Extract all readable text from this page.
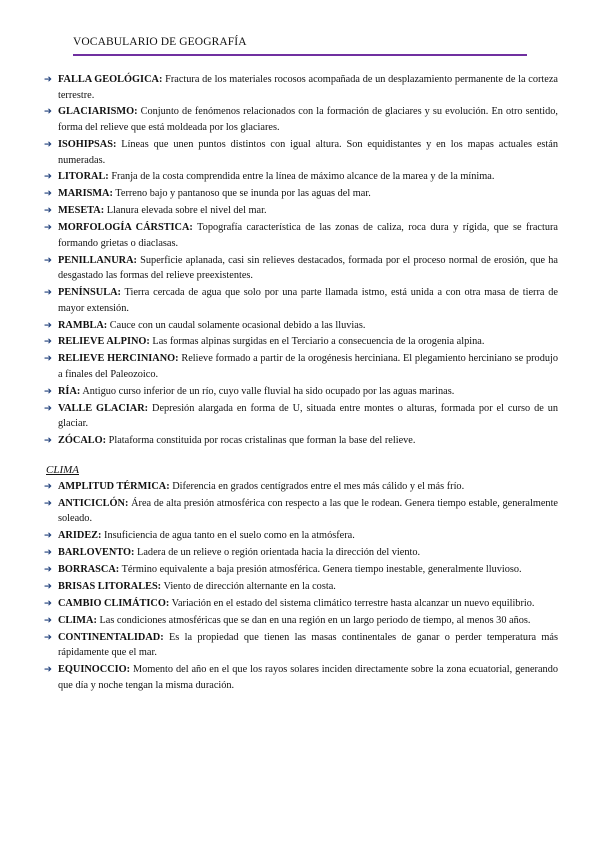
VOCABULARIO DE GEOGRAFÍA
➔ FALLA GEOLÓGICA: Fractura de los materiales rocosos acompañada de un desplazamiento permanente de la corteza terrestre.
➔ GLACIARISMO: Conjunto de fenómenos relacionados con la formación de glaciares y su evolución. En otro sentido, forma del relieve que está moldeada por los glaciares.
➔ ISOHIPSAS: Líneas que unen puntos distintos con igual altura. Son equidistantes y en los mapas actuales están numeradas.
➔ LITORAL: Franja de la costa comprendida entre la línea de máximo alcance de la marea y de la mínima.
➔ MARISMA: Terreno bajo y pantanoso que se inunda por las aguas del mar.
➔ MESETA: Llanura elevada sobre el nivel del mar.
➔ MORFOLOGÍA CÁRSTICA: Topografía característica de las zonas de caliza, roca dura y rígida, que se fractura formando grietas o diaclasas.
➔ PENILLANURA: Superficie aplanada, casi sin relieves destacados, formada por el proceso normal de erosión, que ha desgastado las formas del relieve preexistentes.
➔ PENÍNSULA: Tierra cercada de agua que solo por una parte llamada istmo, está unida a con otra masa de tierra de mayor extensión.
➔ RAMBLA: Cauce con un caudal solamente ocasional debido a las lluvias.
➔ RELIEVE ALPINO: Las formas alpinas surgidas en el Terciario a consecuencia de la orogenia alpina.
➔ RELIEVE HERCINIANO: Relieve formado a partir de la orogénesis herciniana. El plegamiento herciniano se produjo a finales del Paleozoico.
➔ RÍA: Antiguo curso inferior de un río, cuyo valle fluvial ha sido ocupado por las aguas marinas.
➔ VALLE GLACIAR: Depresión alargada en forma de U, situada entre montes o alturas, formada por el curso de un glaciar.
➔ ZÓCALO: Plataforma constituida por rocas cristalinas que forman la base del relieve.
CLIMA
➔ AMPLITUD TÉRMICA: Diferencia en grados centígrados entre el mes más cálido y el más frío.
➔ ANTICICLÓN: Área de alta presión atmosférica con respecto a las que le rodean. Genera tiempo estable, generalmente soleado.
➔ ARIDEZ: Insuficiencia de agua tanto en el suelo como en la atmósfera.
➔ BARLOVENTO: Ladera de un relieve o región orientada hacia la dirección del viento.
➔ BORRASCA: Término equivalente a baja presión atmosférica. Genera tiempo inestable, generalmente lluvioso.
➔ BRISAS LITORALES: Viento de dirección alternante en la costa.
➔ CAMBIO CLIMÁTICO: Variación en el estado del sistema climático terrestre hasta alcanzar un nuevo equilibrio.
➔ CLIMA: Las condiciones atmosféricas que se dan en una región en un largo periodo de tiempo, al menos 30 años.
➔ CONTINENTALIDAD: Es la propiedad que tienen las masas continentales de ganar o perder temperatura más rápidamente que el mar.
➔ EQUINOCCIO: Momento del año en el que los rayos solares inciden directamente sobre la zona ecuatorial, generando que día y noche tengan la misma duración.
